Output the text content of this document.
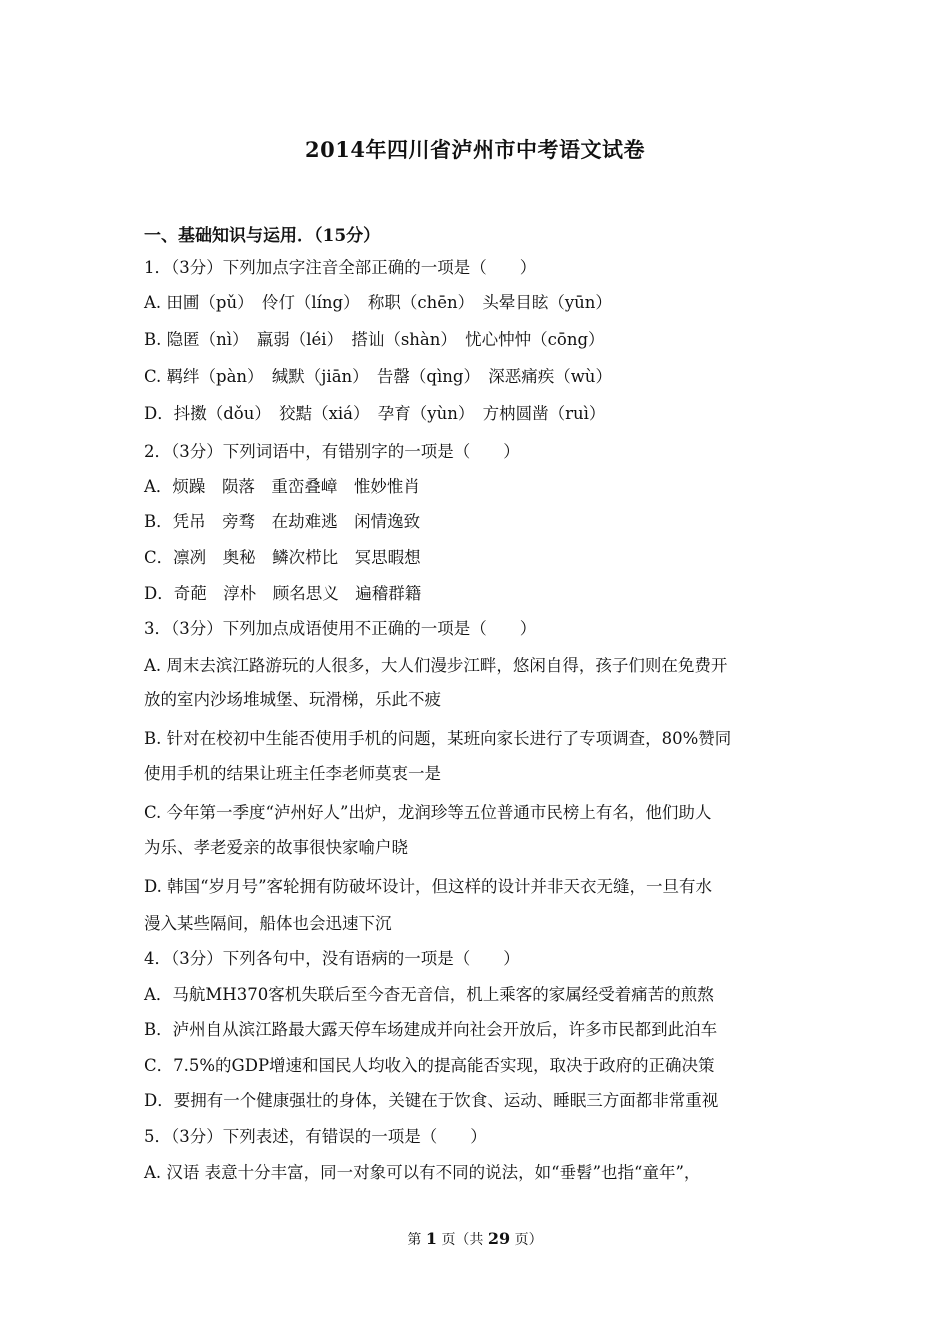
2014年四川省泸州市中考语文试卷
一、基础知识与运用．（15分）
1．（3分）下列加点字注音全部正确的一项是（　　）
A. 田圃（pǔ）　伶仃（líng）　称职（chēn）　头晕目眩（yūn）
B. 隐匿（nì）　羸弱（léi）　搭讪（shàn）　忧心忡忡（cōng）
C. 羁绊（pàn）　缄默（jiān）　告罄（qìng）　深恶痛疾（wù）
D．抖擞（dǒu）　狡黠（xiá）　孕育（yùn）　方枘圆凿（ruì）
2．（3分）下列词语中，有错别字的一项是（　　）
A．烦躁　陨落　重峦叠嶂　惟妙惟肖
B．凭吊　旁骛　在劫难逃　闲情逸致
C．凛冽　奥秘　鳞次栉比　冥思暇想
D．奇葩　淳朴　顾名思义　遍稽群籍
3．（3分）下列加点成语使用不正确的一项是（　　）
A. 周末去滨江路游玩的人很多，大人们漫步江畔，悠闲自得，孩子们则在免费开
放的室内沙场堆城堡、玩滑梯，乐此不疲
B. 针对在校初中生能否使用手机的问题，某班向家长进行了专项调查，80%赞同
使用手机的结果让班主任李老师莫衷一是
C. 今年第一季度“泸州好人”出炉，龙润珍等五位普通市民榜上有名，他们助人
为乐、孝老爱亲的故事很快家喻户晓
D. 韩国“岁月号”客轮拥有防破坏设计，但这样的设计并非天衣无缝，一旦有水
漫入某些隔间，船体也会迅速下沉
4．（3分）下列各句中，没有语病的一项是（　　）
A．马航MH370客机失联后至今杳无音信，机上乘客的家属经受着痛苦的煎熬
B．泸州自从滨江路最大露天停车场建成并向社会开放后，许多市民都到此泊车
C．7.5%的GDP增速和国民人均收入的提高能否实现，取决于政府的正确决策
D．要拥有一个健康强壮的身体，关键在于饮食、运动、睡眠三方面都非常重视
5．（3分）下列表述，有错误的一项是（　　）
A. 汉语 表意十分丰富，同一对象可以有不同的说法，如“垂髫”也指“童年”，
第 1 页（共 29 页）
